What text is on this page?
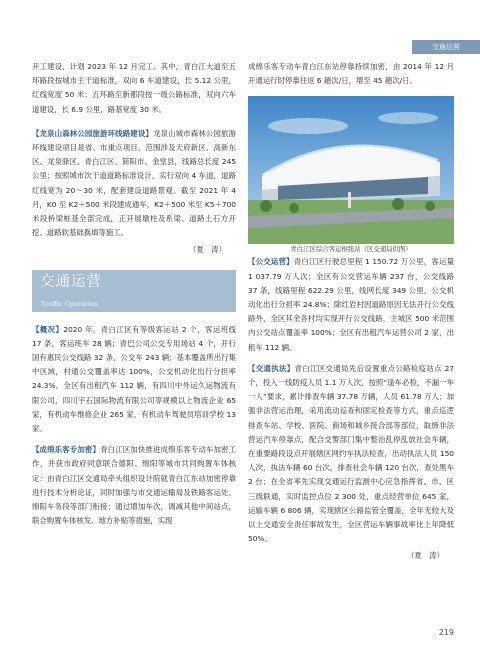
交通运营

开工建设，计划 2023 年 12 月完工。其中，青白江大道至五环路段按城市主干道标准，双向 6 车道建设，长 5.12 公里，红线宽度 50 米；五环路至新都段按一级公路标准，双向六车道建设，长 6.9 公里，路基宽度 30 米。

【龙泉山森林公园旅游环线路建设】龙泉山城市森林公园旅游环线建设项目是省、市重点项目，范围涉及天府新区、高新东区、龙泉驿区、青白江区、简阳市、金堂县，线路总长度 245 公里；按照城市次干道道路标准设计，实行双向 4 车道，道路红线宽为 20～30 米，配套建设道路景观。截至 2021 年 4 月，K0 至 K2＋500 米段建成通车，K2＋500 米至 K5＋700 米段桥梁桩基全部完成，正开展墩柱及系梁、道路土石方开挖、道路软基础换填等施工。

（夏　涛）

交通运营
Traffic Operation

【概况】2020 年，青白江区有等级客运站 2 个，客运班线 17 条，客运班车 28 辆；青巴公司公交专用场站 4 个，开行国有惠民公交线路 32 条，公交车 243 辆；基本覆盖所出行集中区域，村通公交覆盖率达 100%，公交机动化出行分担率 24.3%。全区有出租汽车 112 辆，有四川中外运久运物流有限公司，四川宇石国际物流有限公司等规模以上物流企业 65 家，有机动车维修企业 265 家，有机动车驾驶员培训学校 13 家。

【成绵乐客专加密】青白江区加快推进成绵乐客专动车加密工作，并获市政府同意联合德阳、绵阳等城市共同购置车体核定：由青白江区交通局牵头组织设计院就青白江东站加密停靠进行技术分析论证，同时加强与市交通运输局及铁路客运处、绵阳车务段等部门衔接；通过增加车次，调减其他中间站点，联合购置车体核发、地方补贴等措施，实现

成绵乐客专动车青白江东站停靠持续加密，由 2014 年 12 月开通运行时停靠往返 6 趟次/日，增至 45 趟次/日。

青白江区综合客运枢纽站（区交通局供图）

【公交运营】青白江区行驶总里程 1 150.72 万公里，客运量 1 037.79 万人次；全区有公交营运车辆 237 台，公交线路 37 条，线路里程 622.29 公里，线网长度 349 公里，公交机动化出行分担率 24.8%；除红岩村因道路原因无法开行公交线路外，全区其余各村均实现开行公交线路，主城区 500 米范围内公交站点覆盖率 100%；全区有出租汽车运营公司 2 家，出租车 112 辆。

【交通执法】青白江区交通局先后设置重点公路检疫站点 27 个，投入一线防疫人员 1.1 万人次，按照“逢车必检，不漏一车一人”要求，累计排查车辆 37.78 万辆，人员 61.78 万人；加强非法营运治理，采用流动巡查和固定检查等方式，重点巡逻排查车站、学校、医院、商场和城乡接合部等部位，取缔非法营运汽车停靠点，配合交警部门集中整治乱停乱放社会车辆，在重要路段设点开展辖区网约车执法检查，出动执法人员 150 人次，执法车辆 60 台次，排查社会车辆 120 台次，查处黑车 2 台；在全省率先实现交通运行监测中心应急指挥省、市、区三级联通，实时监控点位 2 300 处，重点经营单位 645 家，运输车辆 6 806 辆，实现辖区公路监管全覆盖，全年无较大及以上交通安全责任事故发生，全区营运车辆事故率比上年降低 50%。

（夏　涛）

219
